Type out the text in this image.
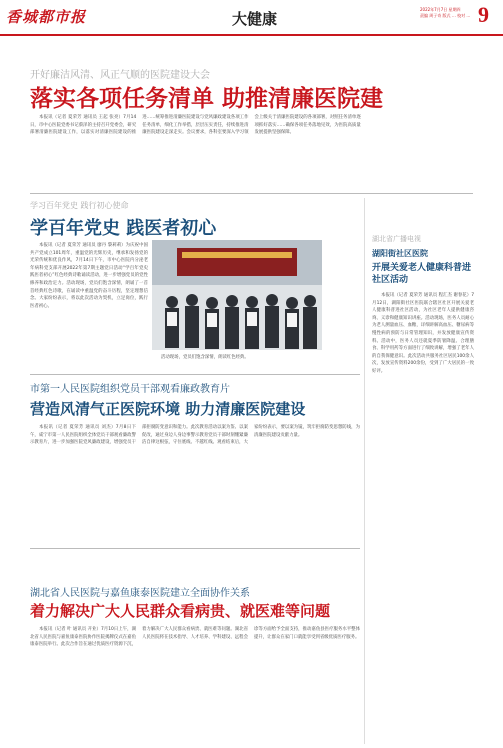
香城都市报	大健康
2022年7月7日 星期四
责编 周子奇 版式 … 校对 … 9
开好廉洁风清、风正气顺的医院建设大会
落实各项任务清单 助推清廉医院建

本报讯（记者 夏荣芳 通讯员 王起 张亮）7月14日，市中心医院党委书记蔡泽的主持召开党委会，研究部署清廉医院建设工作，以落实对清廉医院建设的推进……统筹推进清廉医院建设与党风廉政建设各项工作任务清单，细化工作举措，层层压实责任，持续推进清廉医院建设走深走实。会议要求，各科室要深入学习领会上级关于清廉医院建设的各项部署，对照任务清单逐项抓好落实……确保各项任务落地见效，为医院高质量发展提供坚强保障。

学习百年党史 践行初心使命
学百年党史 践医者初心

本报讯（记者 夏荣芳 通讯员 廖丹 黎莉莉）为庆祝中国共产党成立101周年，重温党的光辉历史，继承和发扬党的光荣传统和优良作风，7月14日下午，市中心医院内分泌老年病科党支部开展2022年第7期主题党日活动“学百年党史 践医者初心”红色经典诗歌诵读活动，进一步增强党员的党性修养和政治定力。活动现场，党员们饱含深情，朗诵了一首首经典红色诗歌，在诵读中重温党的奋斗历程，坚定理想信念。大家纷纷表示，将以此次活动为契机，立足岗位，践行医者初心。

活动现场，党员们饱含深情，朗读红色经典。

市第一人民医院组织党员干部观看廉政教育片
营造风清气正医院环境 助力清廉医院建设

本报讯（记者 夏荣芳 通讯员 刘杰）7月8日下午，咸宁市第一人民医院组织全体党员干部观看廉政警示教育片，进一步加强医院党风廉政建设，增强党员干部拒腐防变意识和能力。此次教育活动以案为鉴、以案促改，通过身边人身边事警示教育党员干部时刻绷紧廉洁自律这根弦，守住底线、不越红线。观看结束后，大家纷纷表示，要以案为镜，筑牢拒腐防变思想防线，为清廉医院建设贡献力量。

湖北省人民医院与嘉鱼康泰医院建立全面协作关系
着力解决广大人民群众看病贵、就医难等问题

本报讯（记者 叶 通讯员 开业）7月10日上午，湖北省人民医院与嘉鱼康泰医院协作医院揭牌仪式在嘉鱼康泰医院举行。此次合作旨在通过优质医疗资源下沉，着力解决广大人民群众看病贵、就医难等问题。湖北省人民医院将在技术指导、人才培养、学科建设、远程会诊等方面给予全面支持，推动嘉鱼县医疗服务水平整体提升，让群众在家门口就能享受到省级优质医疗服务。

湖北省广播电视
湖阳街社区医院
开展关爱老人健康科普进社区活动

本报讯（记者 夏荣芳 通讯员 程汇杰 谢春花）7月12日，湖阳街社区医院联合辖区社区开展关爱老人健康科普进社区活动，为社区老年人提供健康咨询、义诊和健康知识讲座。活动现场，医务人员耐心为老人测量血压、血糖，详细讲解高血压、糖尿病等慢性病的预防与日常管理知识，并发放健康宣传资料。活动中，医务人员还就夏季防暑降温、合理膳食、科学用药等方面进行了细致讲解，增强了老年人的自我保健意识。此次活动共服务社区居民100余人次，发放宣传资料200余份，受到了广大居民的一致好评。
